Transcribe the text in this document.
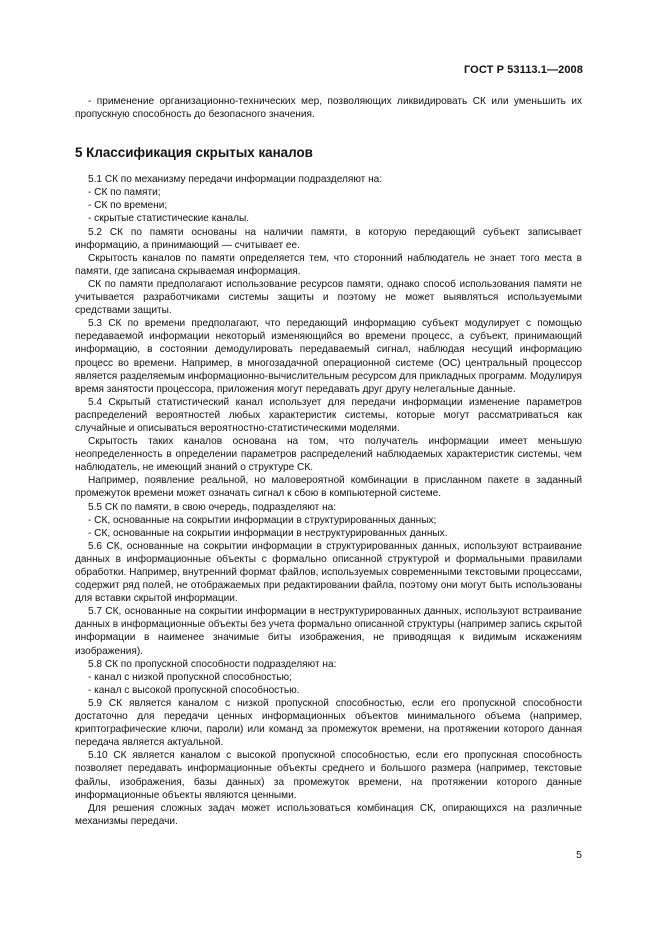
ГОСТ Р 53113.1—2008

- применение организационно-технических мер, позволяющих ликвидировать СК или уменьшить их пропускную способность до безопасного значения.

5 Классификация скрытых каналов

5.1 СК по механизму передачи информации подразделяют на:

- СК по памяти;

- СК по времени;

- скрытые статистические каналы.

5.2 СК по памяти основаны на наличии памяти, в которую передающий субъект записывает информацию, а принимающий — считывает ее.

Скрытость каналов по памяти определяется тем, что сторонний наблюдатель не знает того места в памяти, где записана скрываемая информация.

СК по памяти предполагают использование ресурсов памяти, однако способ использования памяти не учитывается разработчиками системы защиты и поэтому не может выявляться используемыми средствами защиты.

5.3 СК по времени предполагают, что передающий информацию субъект модулирует с помощью передаваемой информации некоторый изменяющийся во времени процесс, а субъект, принимающий информацию, в состоянии демодулировать передаваемый сигнал, наблюдая несущий информацию процесс во времени. Например, в многозадачной операционной системе (ОС) центральный процессор является разделяемым информационно-вычислительным ресурсом для прикладных программ. Модулируя время занятости процессора, приложения могут передавать друг другу нелегальные данные.

5.4 Скрытый статистический канал использует для передачи информации изменение параметров распределений вероятностей любых характеристик системы, которые могут рассматриваться как случайные и описываться вероятностно-статистическими моделями.

Скрытость таких каналов основана на том, что получатель информации имеет меньшую неопределенность в определении параметров распределений наблюдаемых характеристик системы, чем наблюдатель, не имеющий знаний о структуре СК.

Например, появление реальной, но маловероятной комбинации в присланном пакете в заданный промежуток времени может означать сигнал к сбою в компьютерной системе.

5.5 СК по памяти, в свою очередь, подразделяют на:

- СК, основанные на сокрытии информации в структурированных данных;

- СК, основанные на сокрытии информации в неструктурированных данных.

5.6 СК, основанные на сокрытии информации в структурированных данных, используют встраивание данных в информационные объекты с формально описанной структурой и формальными правилами обработки. Например, внутренний формат файлов, используемых современными текстовыми процессами, содержит ряд полей, не отображаемых при редактировании файла, поэтому они могут быть использованы для вставки скрытой информации.

5.7 СК, основанные на сокрытии информации в неструктурированных данных, используют встраивание данных в информационные объекты без учета формально описанной структуры (например запись скрытой информации в наименее значимые биты изображения, не приводящая к видимым искажениям изображения).

5.8 СК по пропускной способности подразделяют на:

- канал с низкой пропускной способностью;

- канал с высокой пропускной способностью.

5.9 СК является каналом с низкой пропускной способностью, если его пропускной способности достаточно для передачи ценных информационных объектов минимального объема (например, криптографические ключи, пароли) или команд за промежуток времени, на протяжении которого данная передача является актуальной.

5.10 СК является каналом с высокой пропускной способностью, если его пропускная способность позволяет передавать информационные объекты среднего и большого размера (например, текстовые файлы, изображения, базы данных) за промежуток времени, на протяжении которого данные информационные объекты являются ценными.

Для решения сложных задач может использоваться комбинация СК, опирающихся на различные механизмы передачи.

5
